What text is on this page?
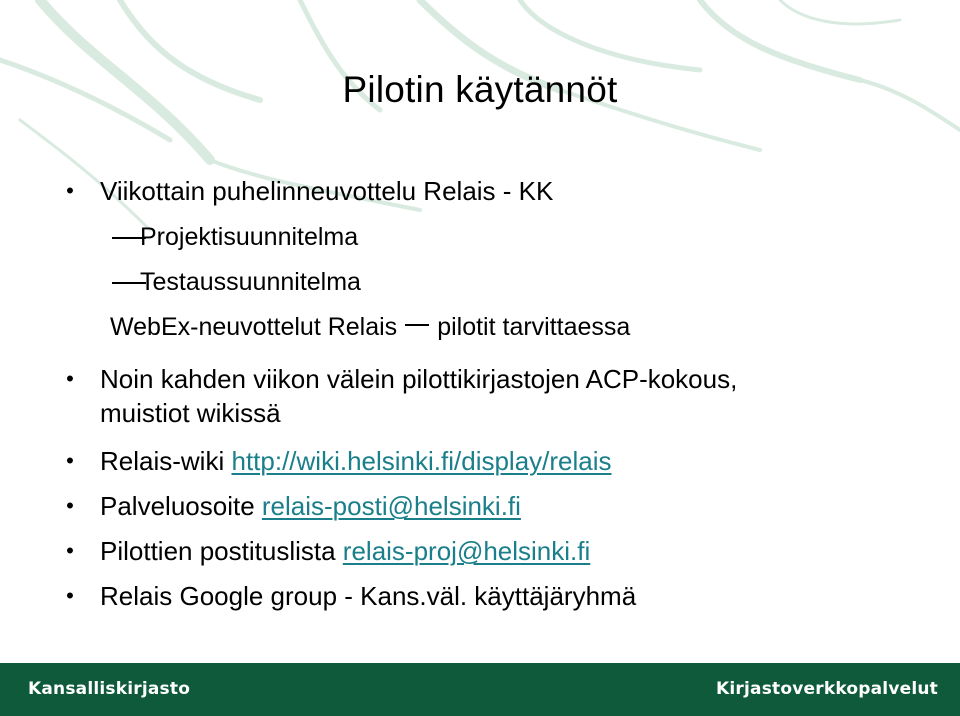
Pilotin käytännöt
• Viikottain puhelinneuvottelu Relais - KK
Projektisuunnitelma
Testaussuunnitelma
WebEx-neuvottelut Relais pilotit tarvittaessa
• Noin kahden viikon välein pilottikirjastojen ACP-kokous,
muistiot wikissä
• Relais-wiki http://wiki.helsinki.fi/display/relais
• Palveluosoite relais-posti@helsinki.fi
• Pilottien postituslista relais-proj@helsinki.fi
• Relais Google group - Kans.väl. käyttäjäryhmä
Kansalliskirjasto	Kirjastoverkkopalvelut
